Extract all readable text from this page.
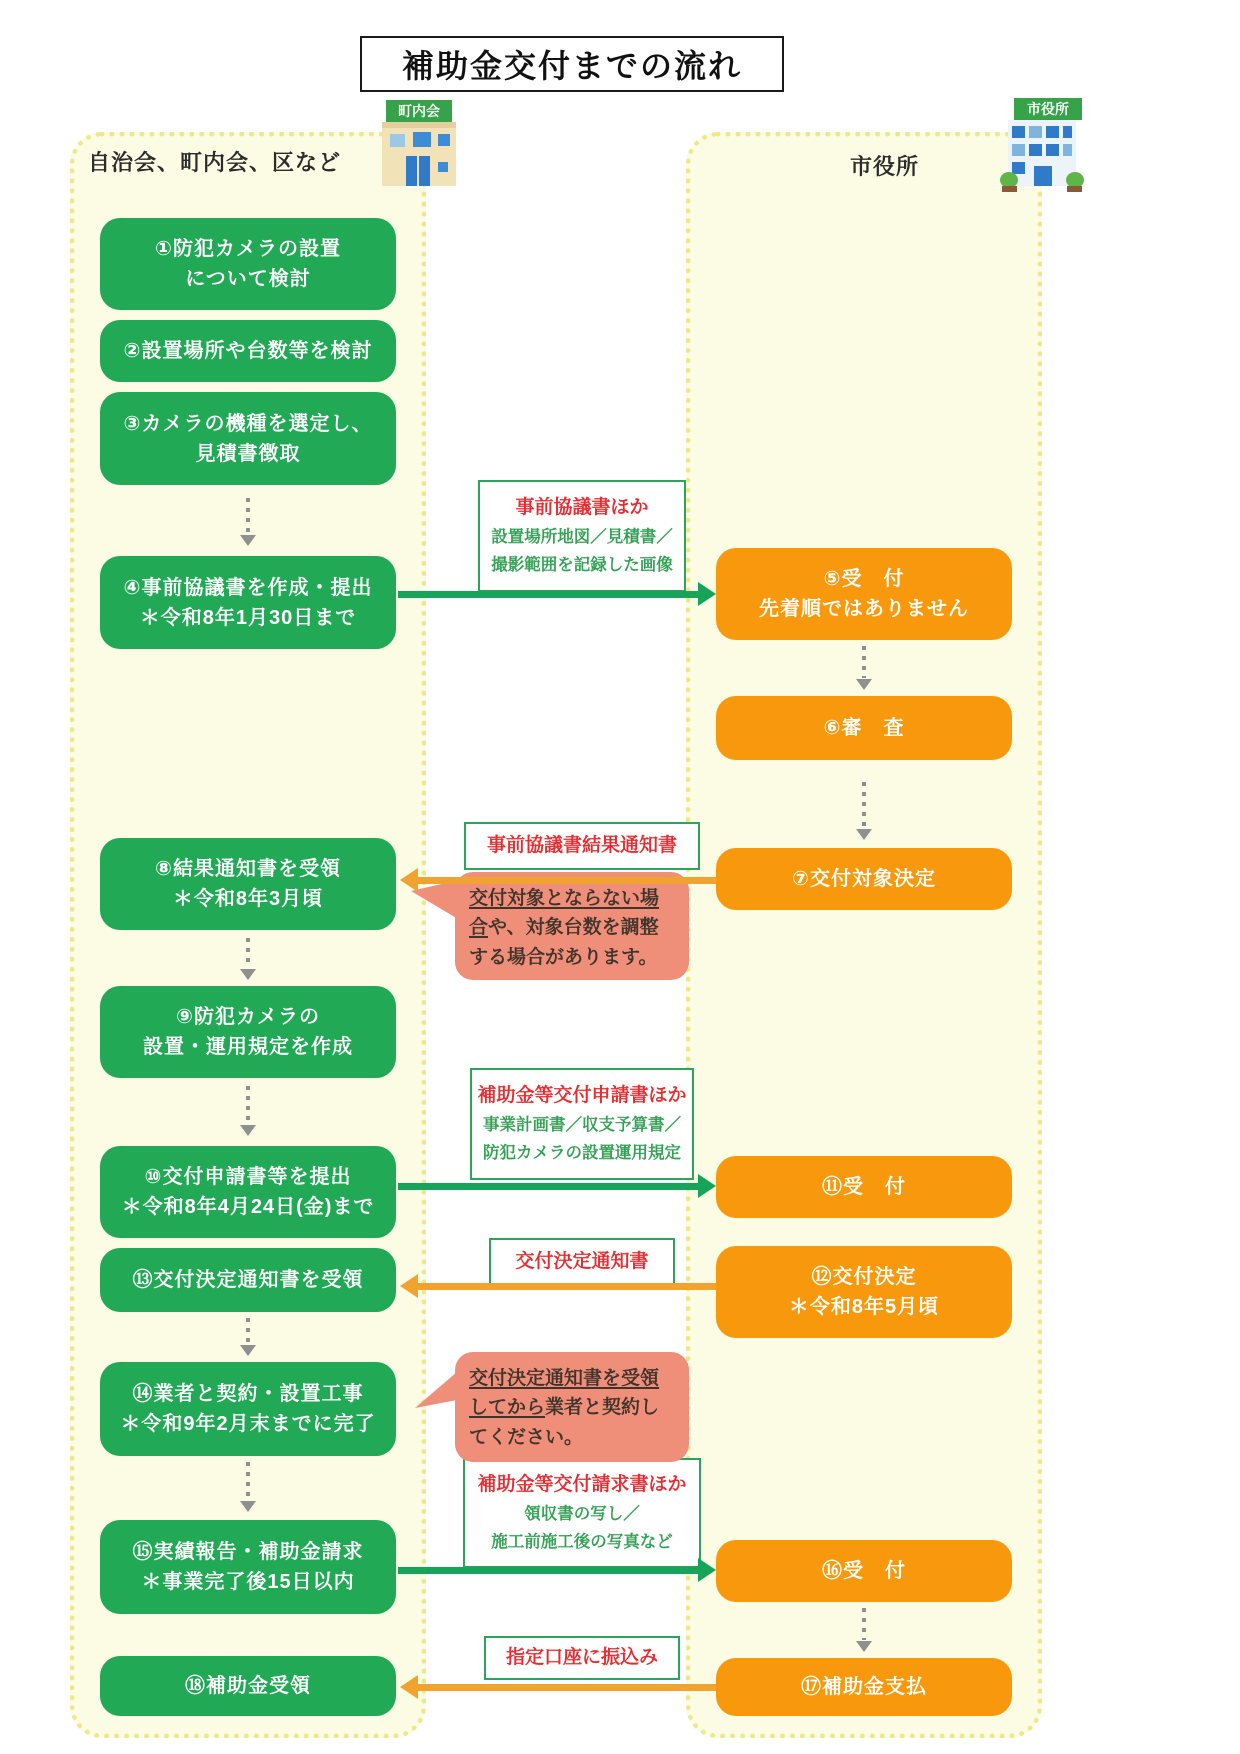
補助金交付までの流れ
自治会、町内会、区など	市役所
町内会	市役所
①防犯カメラの設置
について検討
②設置場所や台数等を検討
③カメラの機種を選定し、
見積書徴取
④事前協議書を作成・提出
＊令和8年1月30日まで
⑧結果通知書を受領
＊令和8年3月頃
⑨防犯カメラの
設置・運用規定を作成
⑩交付申請書等を提出
＊令和8年4月24日(金)まで
⑬交付決定通知書を受領
⑭業者と契約・設置工事
＊令和9年2月末までに完了
⑮実績報告・補助金請求
＊事業完了後15日以内
⑱補助金受領
⑤受　付
先着順ではありません
⑥審　査
⑦交付対象決定
⑪受　付
⑫交付決定
＊令和8年5月頃
⑯受　付
⑰補助金支払
事前協議書ほか
設置場所地図／見積書／
撮影範囲を記録した画像
事前協議書結果通知書
補助金等交付申請書ほか
事業計画書／収支予算書／
防犯カメラの設置運用規定
交付決定通知書
補助金等交付請求書ほか
領収書の写し／
施工前施工後の写真など
指定口座に振込み
交付対象とならない場
合や、対象台数を調整
する場合があります。
交付決定通知書を受領
してから業者と契約し
てください。
